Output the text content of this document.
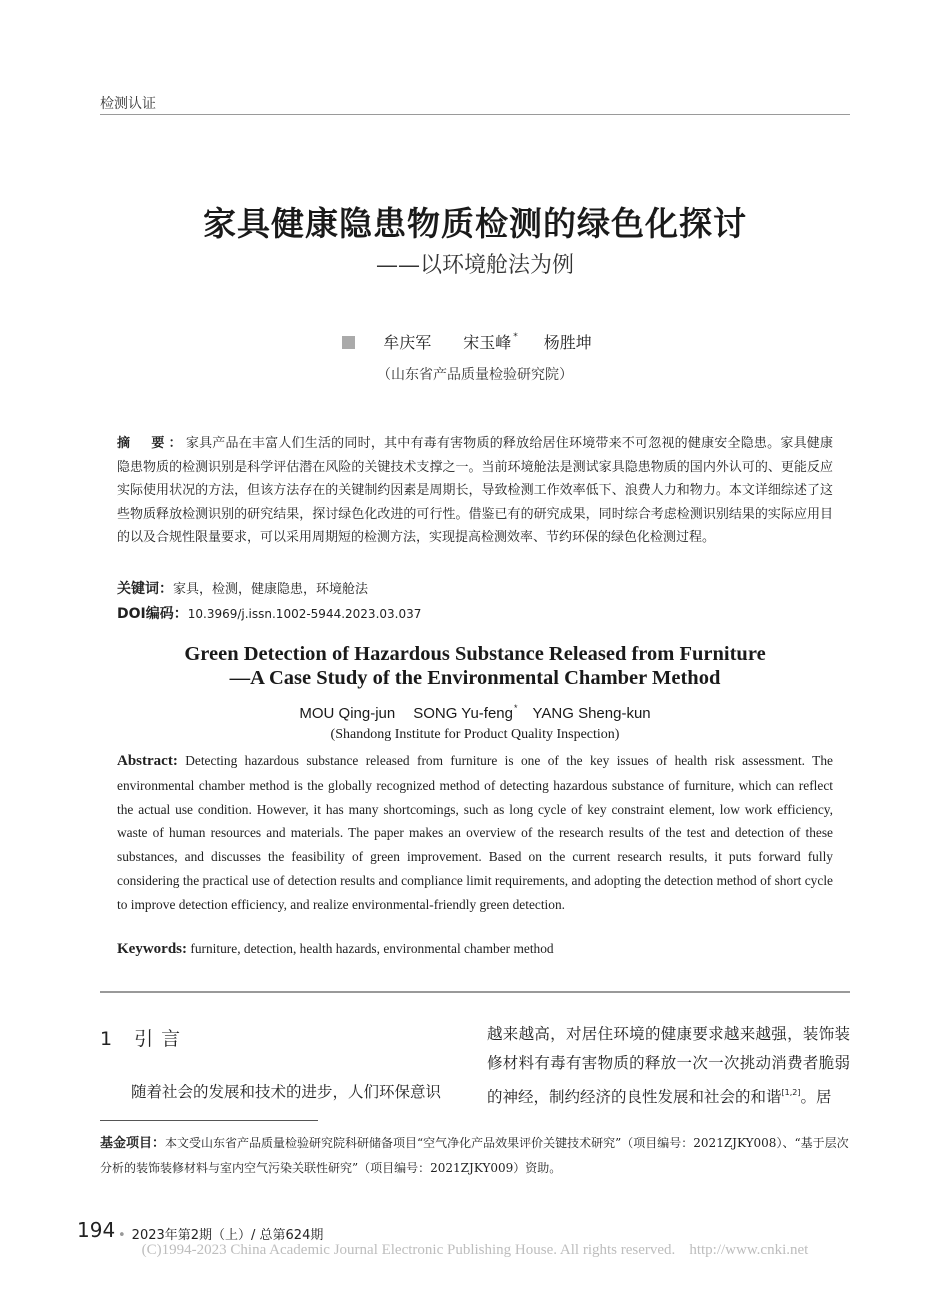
检测认证
家具健康隐患物质检测的绿色化探讨
——以环境舱法为例
牟庆军 宋玉峰 * 杨胜坤
（山东省产品质量检验研究院）
摘　要：家具产品在丰富人们生活的同时，其中有毒有害物质的释放给居住环境带来不可忽视的健康安全隐患。家具健康隐患物质的检测识别是科学评估潜在风险的关键技术支撑之一。当前环境舱法是测试家具隐患物质的国内外认可的、更能反应实际使用状况的方法，但该方法存在的关键制约因素是周期长，导致检测工作效率低下、浪费人力和物力。本文详细综述了这些物质释放检测识别的研究结果，探讨绿色化改进的可行性。借鉴已有的研究成果，同时综合考虑检测识别结果的实际应用目的以及合规性限量要求，可以采用周期短的检测方法，实现提高检测效率、节约环保的绿色化检测过程。
关键词：家具，检测，健康隐患，环境舱法
DOI编码：10.3969/j.issn.1002-5944.2023.03.037
Green Detection of Hazardous Substance Released from Furniture
—A Case Study of the Environmental Chamber Method
MOU Qing-jun SONG Yu-feng* YANG Sheng-kun
(Shandong Institute for Product Quality Inspection)
Abstract: Detecting hazardous substance released from furniture is one of the key issues of health risk assessment. The environmental chamber method is the globally recognized method of detecting hazardous substance of furniture, which can reflect the actual use condition. However, it has many shortcomings, such as long cycle of key constraint element, low work efficiency, waste of human resources and materials. The paper makes an overview of the research results of the test and detection of these substances, and discusses the feasibility of green improvement. Based on the current research results, it puts forward fully considering the practical use of detection results and compliance limit requirements, and adopting the detection method of short cycle to improve detection efficiency, and realize environmental-friendly green detection.
Keywords: furniture, detection, health hazards, environmental chamber method
1 引言
随着社会的发展和技术的进步，人们环保意识
越来越高，对居住环境的健康要求越来越强，装饰装修材料有毒有害物质的释放一次一次挑动消费者脆弱的神经，制约经济的良性发展和社会的和谐[1,2]。居
基金项目：本文受山东省产品质量检验研究院科研储备项目“空气净化产品效果评价关键技术研究”（项目编号：2021ZJKY008）、“基于层次分析的装饰装修材料与室内空气污染关联性研究”（项目编号：2021ZJKY009）资助。
194 • 2023年第2期（上）/ 总第624期
(C)1994-2023 China Academic Journal Electronic Publishing House. All rights reserved. http://www.cnki.net
